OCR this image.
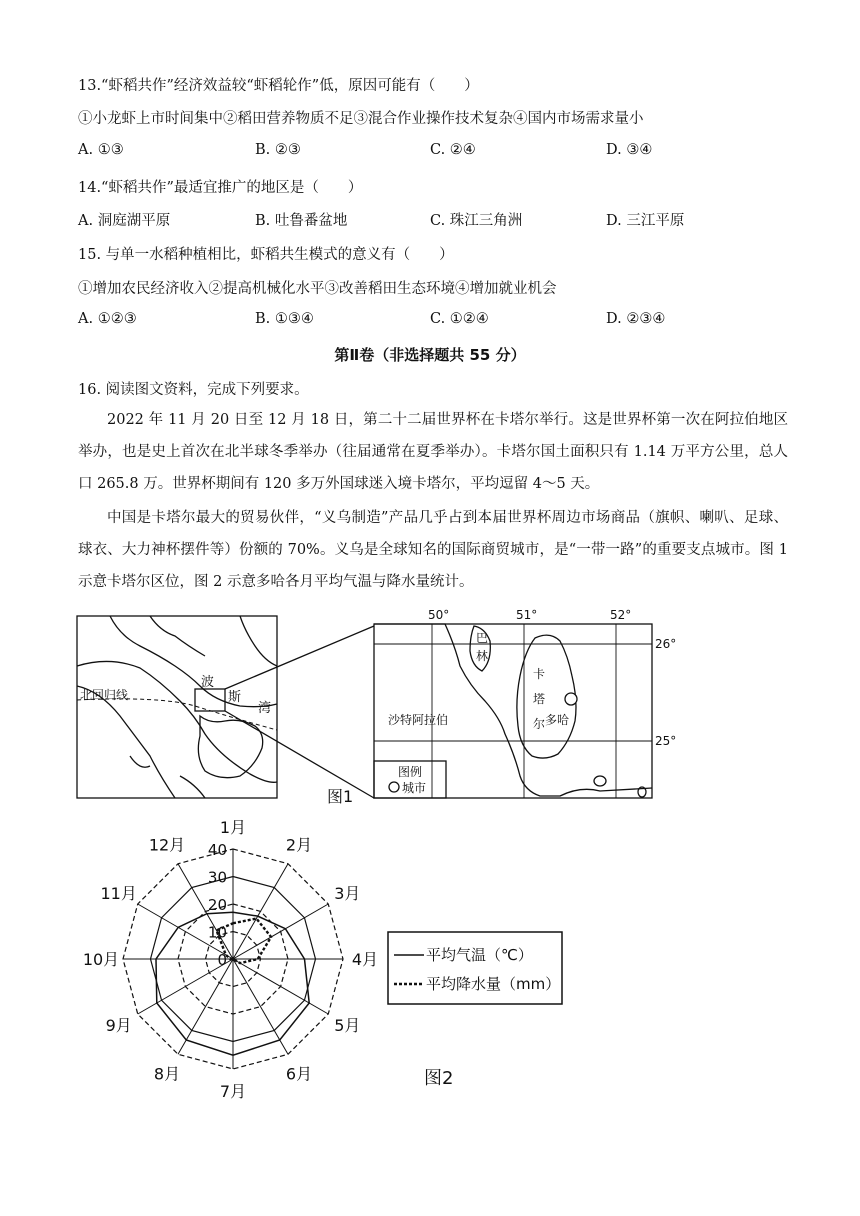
13.“虾稻共作”经济效益较“虾稻轮作”低，原因可能有（　　）
①小龙虾上市时间集中②稻田营养物质不足③混合作业操作技术复杂④国内市场需求量小
A. ①③	B. ②③	C. ②④	D. ③④
14.“虾稻共作”最适宜推广的地区是（　　）
A. 洞庭湖平原	B. 吐鲁番盆地	C. 珠江三角洲	D. 三江平原
15. 与单一水稻种植相比，虾稻共生模式的意义有（　　）
①增加农民经济收入②提高机械化水平③改善稻田生态环境④增加就业机会
A. ①②③	B. ①③④	C. ①②④	D. ②③④
第Ⅱ卷（非选择题共 55 分）
16. 阅读图文资料，完成下列要求。
2022 年 11 月 20 日至 12 月 18 日，第二十二届世界杯在卡塔尔举行。这是世界杯第一次在阿拉伯地区举办，也是史上首次在北半球冬季举办（往届通常在夏季举办）。卡塔尔国土面积只有 1.14 万平方公里，总人口 265.8 万。世界杯期间有 120 多万外国球迷入境卡塔尔，平均逗留 4～5 天。
中国是卡塔尔最大的贸易伙伴，“义乌制造”产品几乎占到本届世界杯周边市场商品（旗帜、喇叭、足球、球衣、大力神杯摆件等）份额的 70%。义乌是全球知名的国际商贸城市，是“一带一路”的重要支点城市。图 1 示意卡塔尔区位，图 2 示意多哈各月平均气温与降水量统计。
北回归线
波
斯
湾
50°	51°	52°
26°
25°
巴
林
卡
塔
尔
沙特阿拉伯	多哈
图例
城市
图1
40
30
20
10
0
1月
2月
3月
4月
5月
6月
7月
8月
9月
10月
11月
12月
平均气温（℃）
平均降水量（mm）
图2
